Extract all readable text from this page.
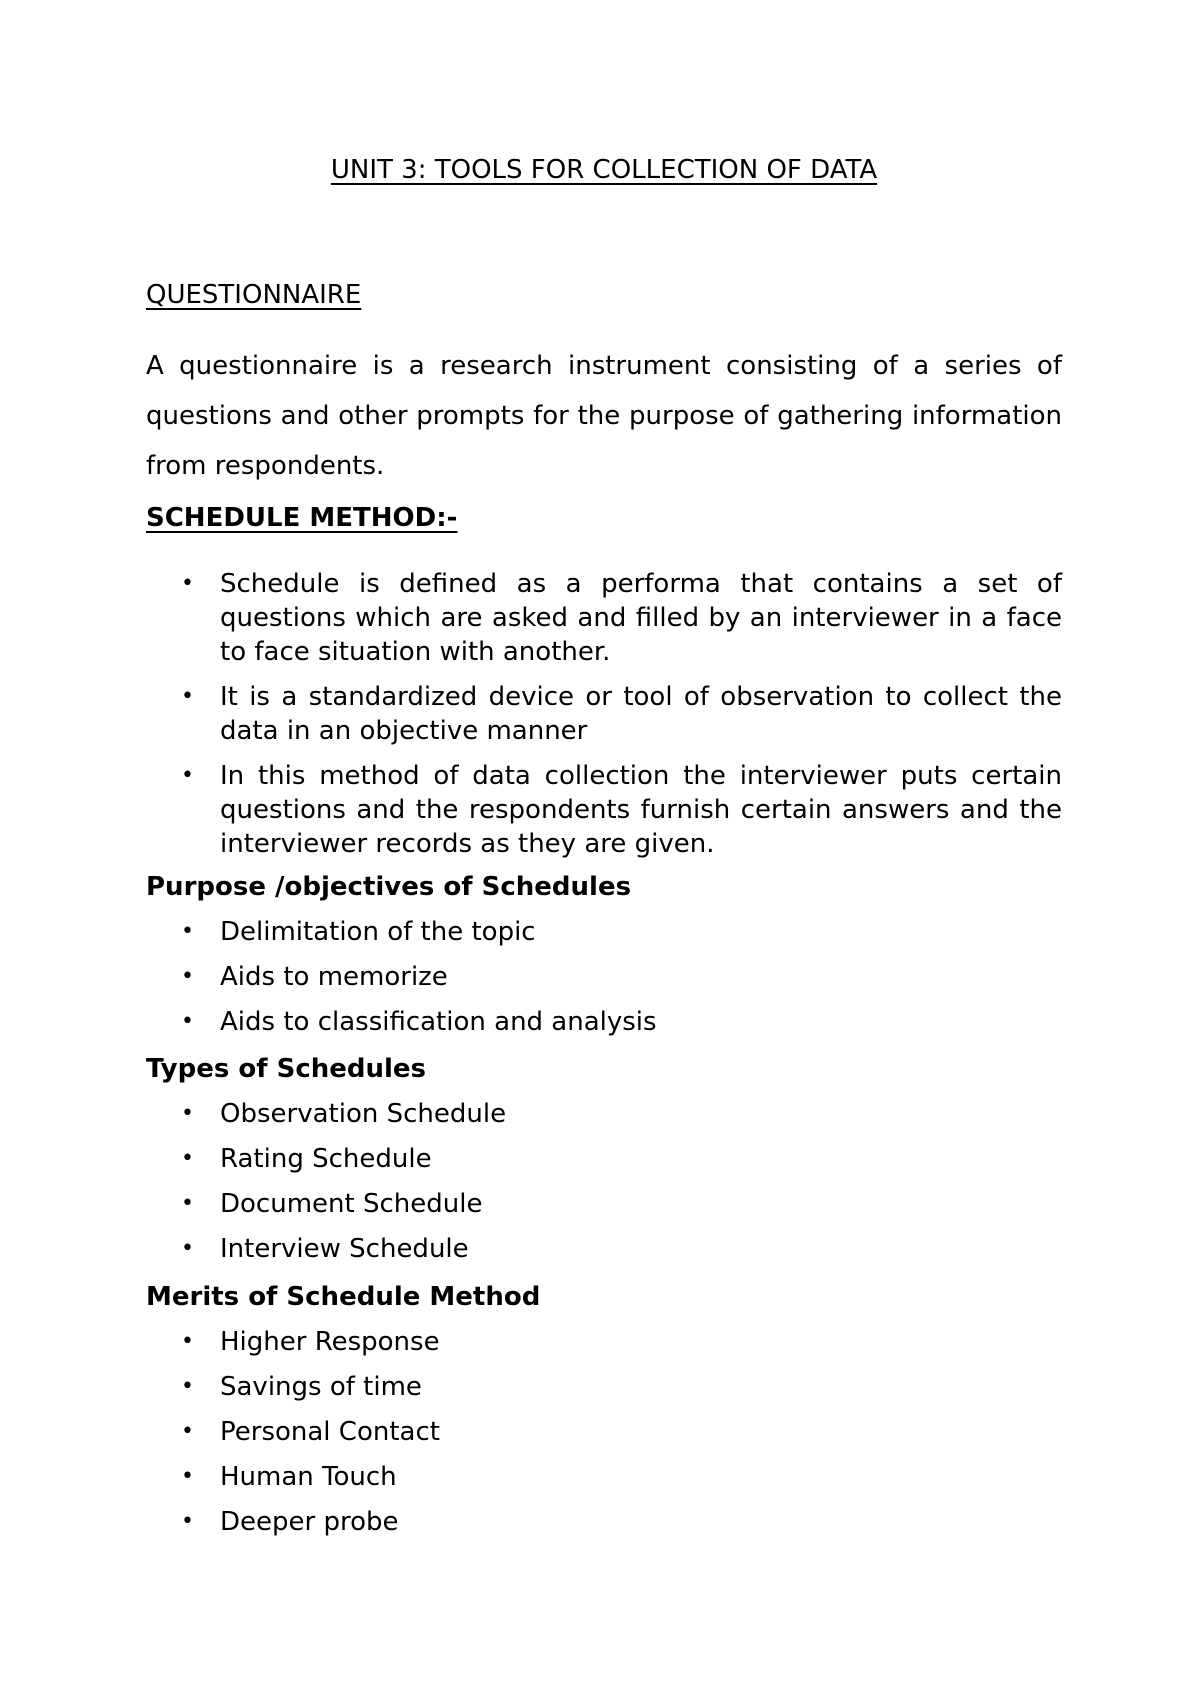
UNIT 3: TOOLS FOR COLLECTION OF DATA
QUESTIONNAIRE

A questionnaire is a research instrument consisting of a series of questions and other prompts for the purpose of gathering information from respondents.

SCHEDULE METHOD:-
• Schedule is defined as a performa that contains a set of questions which are asked and filled by an interviewer in a face to face situation with another.
• It is a standardized device or tool of observation to collect the data in an objective manner
• In this method of data collection the interviewer puts certain questions and the respondents furnish certain answers and the interviewer records as they are given.
Purpose /objectives of Schedules
• Delimitation of the topic
• Aids to memorize
• Aids to classification and analysis
Types of Schedules
• Observation Schedule
• Rating Schedule
• Document Schedule
• Interview Schedule
Merits of Schedule Method
• Higher Response
• Savings of time
• Personal Contact
• Human Touch
• Deeper probe
